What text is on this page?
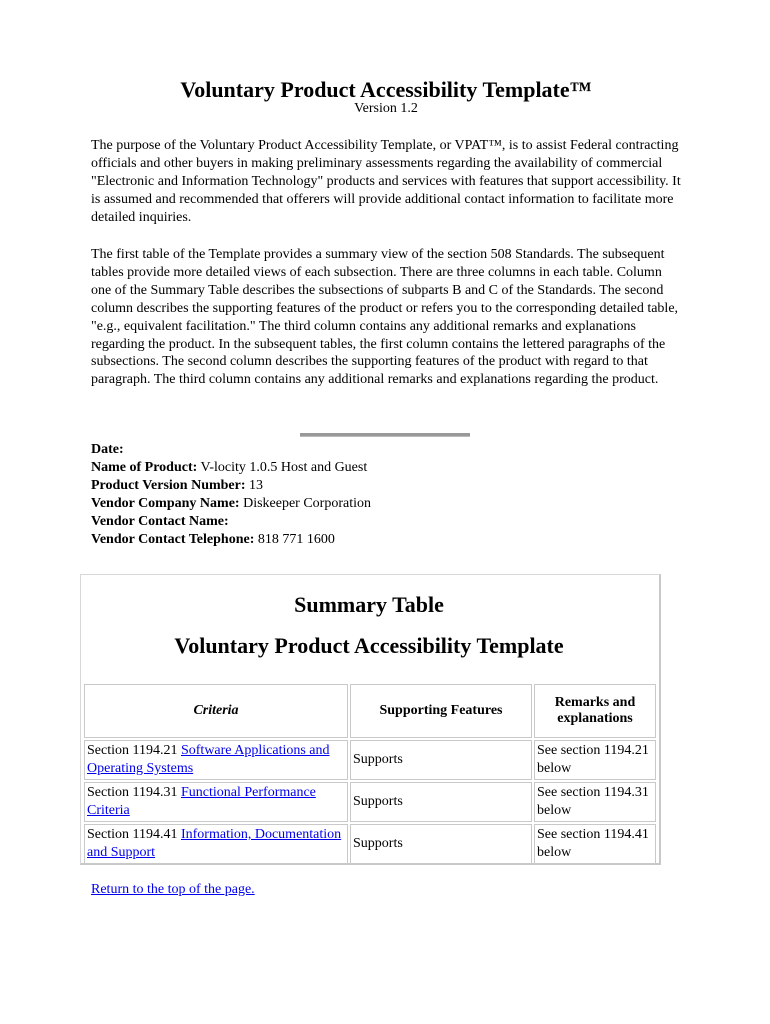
Voluntary Product Accessibility Template™
Version 1.2

The purpose of the Voluntary Product Accessibility Template, or VPAT™, is to assist Federal contracting officials and other buyers in making preliminary assessments regarding the availability of commercial "Electronic and Information Technology" products and services with features that support accessibility. It is assumed and recommended that offerers will provide additional contact information to facilitate more detailed inquiries.

The first table of the Template provides a summary view of the section 508 Standards. The subsequent tables provide more detailed views of each subsection. There are three columns in each table. Column one of the Summary Table describes the subsections of subparts B and C of the Standards. The second column describes the supporting features of the product or refers you to the corresponding detailed table, "e.g., equivalent facilitation." The third column contains any additional remarks and explanations regarding the product. In the subsequent tables, the first column contains the lettered paragraphs of the subsections. The second column describes the supporting features of the product with regard to that paragraph. The third column contains any additional remarks and explanations regarding the product.

Date:
Name of Product: V-locity 1.0.5 Host and Guest
Product Version Number: 13
Vendor Company Name: Diskeeper Corporation
Vendor Contact Name:
Vendor Contact Telephone: 818 771 1600
Summary Table
Voluntary Product Accessibility Template
Criteria	Supporting Features	Remarks and explanations
Section 1194.21 Software Applications and Operating Systems	Supports	See section 1194.21 below
Section 1194.31 Functional Performance Criteria	Supports	See section 1194.31 below
Section 1194.41 Information, Documentation and Support	Supports	See section 1194.41 below
Return to the top of the page.
